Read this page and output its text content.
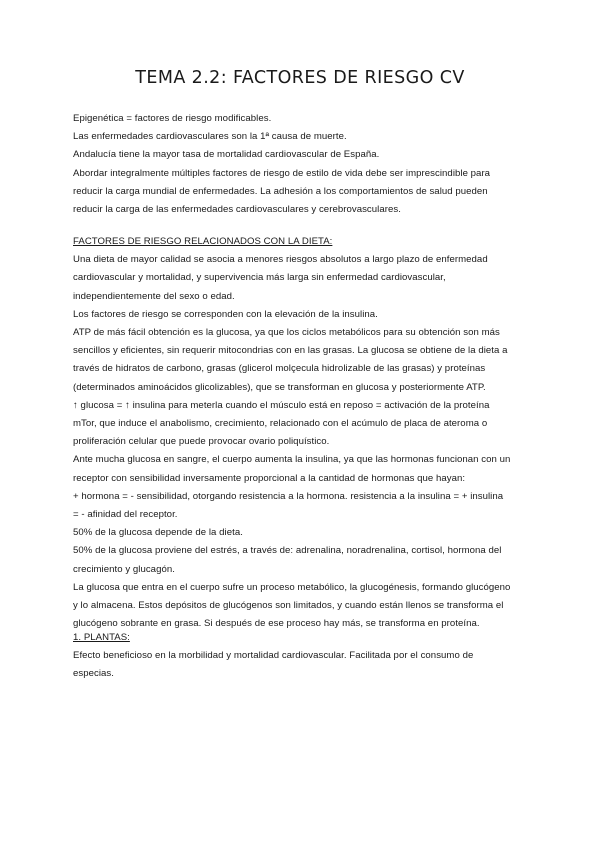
TEMA 2.2: FACTORES DE RIESGO CV
Epigenética = factores de riesgo modificables.
Las enfermedades cardiovasculares son la 1ª causa de muerte.
Andalucía tiene la mayor tasa de mortalidad cardiovascular de España.
Abordar integralmente múltiples factores de riesgo de estilo de vida debe ser imprescindible para
reducir la carga mundial de enfermedades. La adhesión a los comportamientos de salud pueden
reducir la carga de las enfermedades cardiovasculares y cerebrovasculares.
FACTORES DE RIESGO RELACIONADOS CON LA DIETA:
Una dieta de mayor calidad se asocia a menores riesgos absolutos a largo plazo de enfermedad
cardiovascular y mortalidad, y supervivencia más larga sin enfermedad cardiovascular,
independientemente del sexo o edad.
Los factores de riesgo se corresponden con la elevación de la insulina.
ATP de más fácil obtención es la glucosa, ya que los ciclos metabólicos para su obtención son más
sencillos y eficientes, sin requerir mitocondrias con en las grasas. La glucosa se obtiene de la dieta a
través de hidratos de carbono, grasas (glicerol molçecula hidrolizable de las grasas) y proteínas
(determinados aminoácidos glicolizables), que se transforman en glucosa y posteriormente ATP.
↑ glucosa = ↑ insulina para meterla cuando el músculo está en reposo = activación de la proteína
mTor, que induce el anabolismo, crecimiento, relacionado con el acúmulo de placa de ateroma o
proliferación celular que puede provocar ovario poliquístico.
Ante mucha glucosa en sangre, el cuerpo aumenta la insulina, ya que las hormonas funcionan con un
receptor con sensibilidad inversamente proporcional a la cantidad de hormonas que hayan:
+ hormona = - sensibilidad, otorgando resistencia a la hormona. resistencia a la insulina = + insulina
= - afinidad del receptor.
50% de la glucosa depende de la dieta.
50% de la glucosa proviene del estrés, a través de: adrenalina, noradrenalina, cortisol, hormona del
crecimiento y glucagón.
La glucosa que entra en el cuerpo sufre un proceso metabólico, la glucogénesis, formando glucógeno
y lo almacena. Estos depósitos de glucógenos son limitados, y cuando están llenos se transforma el
glucógeno sobrante en grasa. Si después de ese proceso hay más, se transforma en proteína.
1. PLANTAS:
Efecto beneficioso en la morbilidad y mortalidad cardiovascular. Facilitada por el consumo de
especias.
